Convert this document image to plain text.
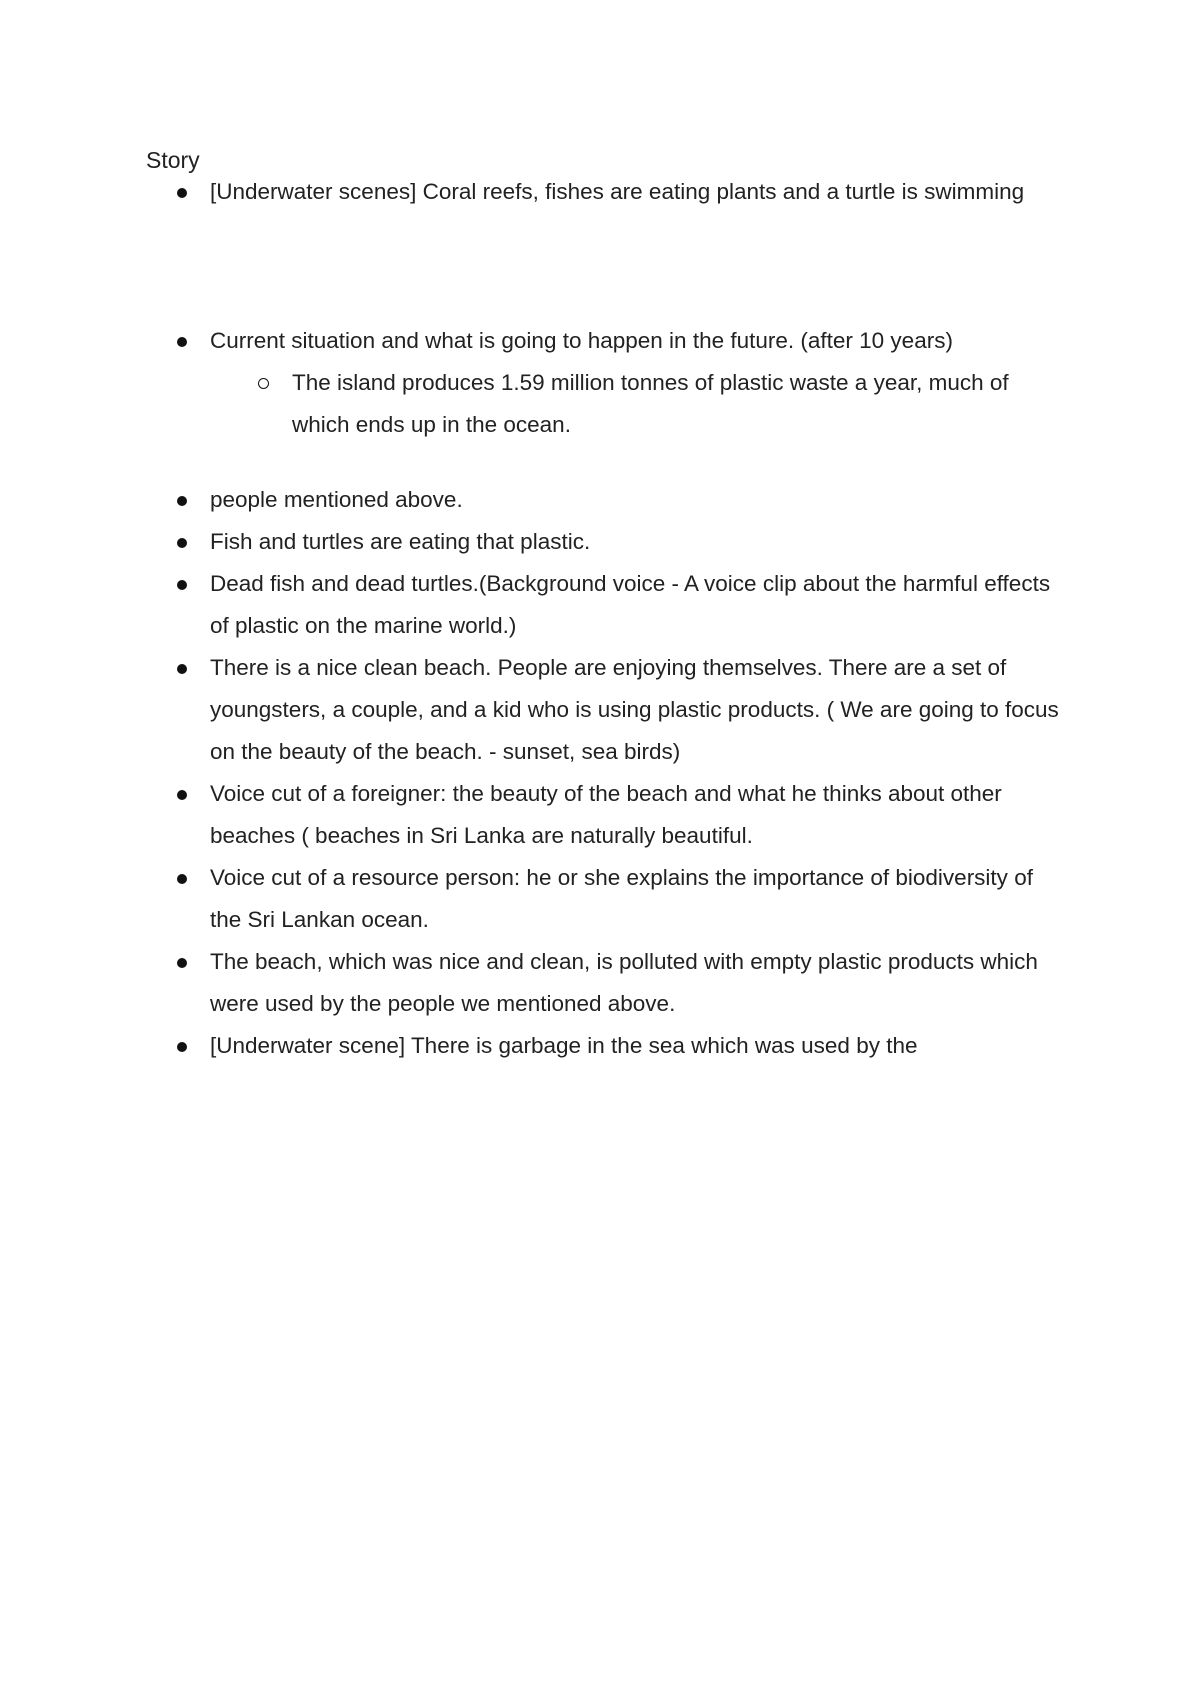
Story
[Underwater scenes] Coral reefs, fishes are eating plants and a turtle is swimming
Current situation and what is going to happen in the future. (after 10 years)
The island produces 1.59 million tonnes of plastic waste a year, much of which ends up in the ocean.
people mentioned above.
Fish and turtles are eating that plastic.
Dead fish and dead turtles.(Background voice - A voice clip about the harmful effects of plastic on the marine world.)
There is a nice clean beach. People are enjoying themselves. There are a set of youngsters, a couple, and a kid who is using plastic products. ( We are going to focus on the beauty of the beach. - sunset, sea birds)
Voice cut of a foreigner: the beauty of the beach and what he thinks about other beaches ( beaches in Sri Lanka are naturally beautiful.
Voice cut of a resource person: he or she explains the importance of biodiversity of the Sri Lankan ocean.
The beach, which was nice and clean, is polluted with empty plastic products which were used by the people we mentioned above.
[Underwater scene] There is garbage in the sea which was used by the
